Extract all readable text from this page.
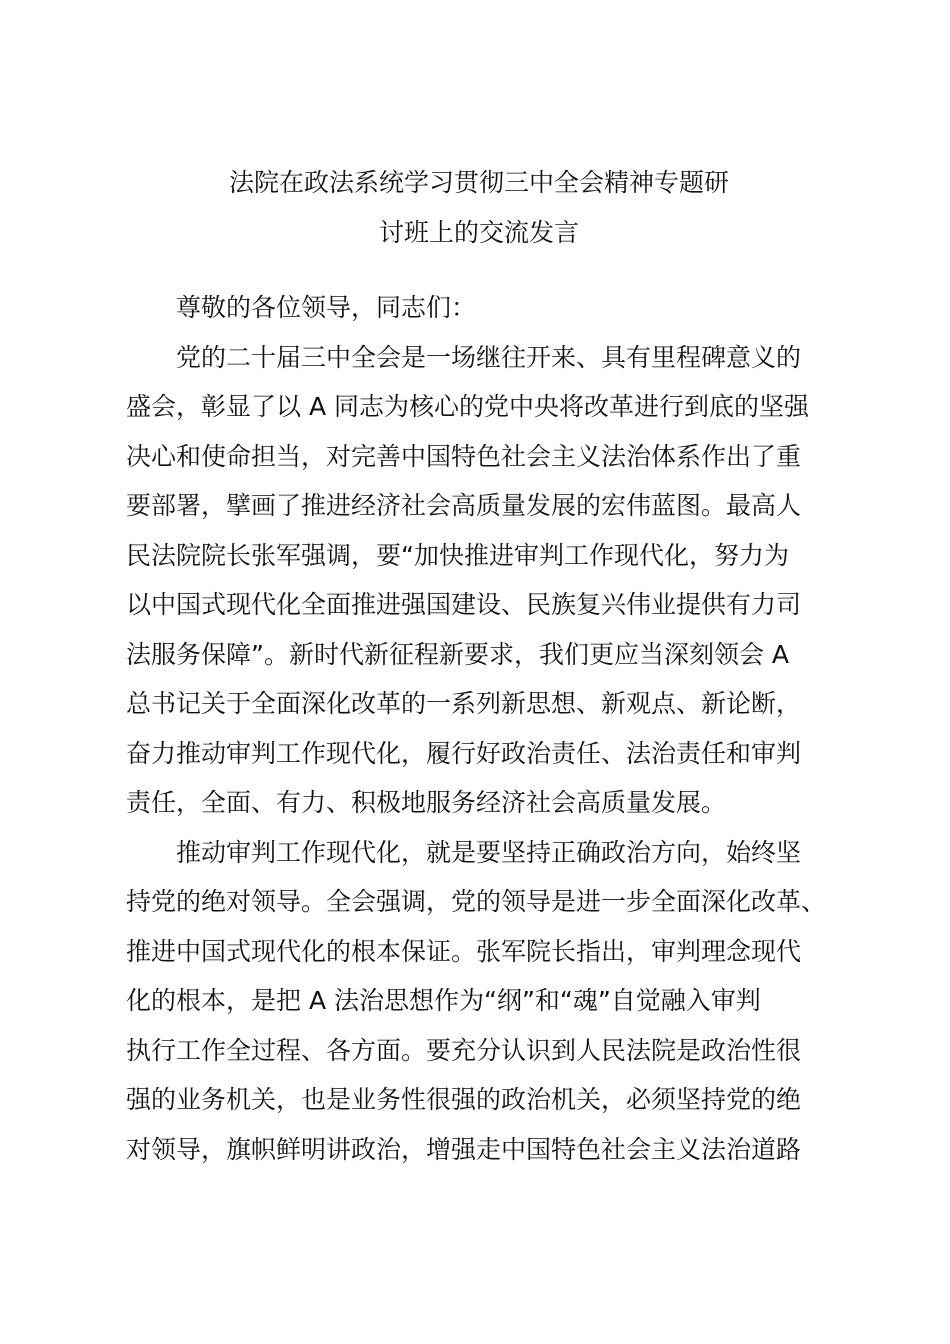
法院在政法系统学习贯彻三中全会精神专题研
讨班上的交流发言
尊敬的各位领导，同志们：
党的二十届三中全会是一场继往开来、具有里程碑意义的
盛会，彰显了以 A 同志为核心的党中央将改革进行到底的坚强
决心和使命担当，对完善中国特色社会主义法治体系作出了重
要部署，擘画了推进经济社会高质量发展的宏伟蓝图。最高人
民法院院长张军强调，要“加快推进审判工作现代化，努力为
以中国式现代化全面推进强国建设、民族复兴伟业提供有力司
法服务保障”。新时代新征程新要求，我们更应当深刻领会 A
总书记关于全面深化改革的一系列新思想、新观点、新论断，
奋力推动审判工作现代化，履行好政治责任、法治责任和审判
责任，全面、有力、积极地服务经济社会高质量发展。
推动审判工作现代化，就是要坚持正确政治方向，始终坚
持党的绝对领导。全会强调，党的领导是进一步全面深化改革、
推进中国式现代化的根本保证。张军院长指出，审判理念现代
化的根本，是把 A 法治思想作为“纲”和“魂”自觉融入审判
执行工作全过程、各方面。要充分认识到人民法院是政治性很
强的业务机关，也是业务性很强的政治机关，必须坚持党的绝
对领导，旗帜鲜明讲政治，增强走中国特色社会主义法治道路
